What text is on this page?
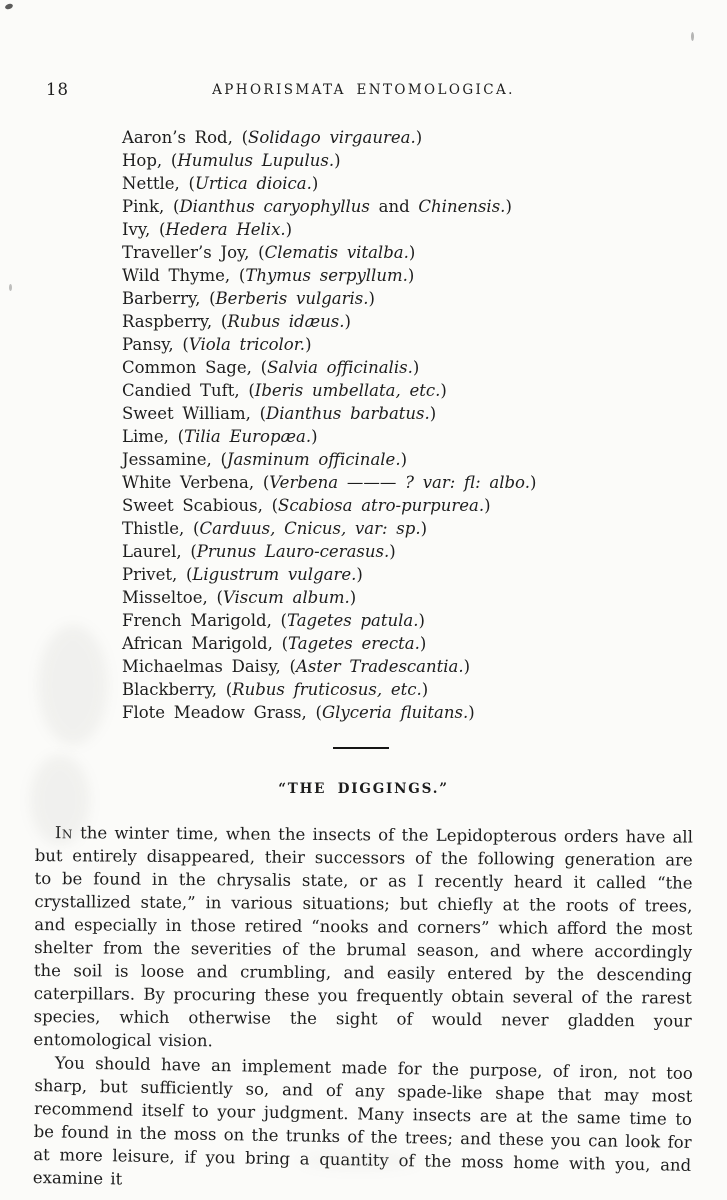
18	APHORISMATA ENTOMOLOGICA.
Aaron’s Rod, (Solidago virgaurea.)
Hop, (Humulus Lupulus.)
Nettle, (Urtica dioica.)
Pink, (Dianthus caryophyllus and Chinensis.)
Ivy, (Hedera Helix.)
Traveller’s Joy, (Clematis vitalba.)
Wild Thyme, (Thymus serpyllum.)
Barberry, (Berberis vulgaris.)
Raspberry, (Rubus idæus.)
Pansy, (Viola tricolor.)
Common Sage, (Salvia officinalis.)
Candied Tuft, (Iberis umbellata, etc.)
Sweet William, (Dianthus barbatus.)
Lime, (Tilia Europæa.)
Jessamine, (Jasminum officinale.)
White Verbena, (Verbena ——— ? var: fl: albo.)
Sweet Scabious, (Scabiosa atro-purpurea.)
Thistle, (Carduus, Cnicus, var: sp.)
Laurel, (Prunus Lauro-cerasus.)
Privet, (Ligustrum vulgare.)
Misseltoe, (Viscum album.)
French Marigold, (Tagetes patula.)
African Marigold, (Tagetes erecta.)
Michaelmas Daisy, (Aster Tradescantia.)
Blackberry, (Rubus fruticosus, etc.)
Flote Meadow Grass, (Glyceria fluitans.)
“THE DIGGINGS.”

In the winter time, when the insects of the Lepidopterous orders have all but entirely disappeared, their successors of the following generation are to be found in the chrysalis state, or as I recently heard it called “the crystallized state,” in various situations; but chiefly at the roots of trees, and especially in those retired “nooks and corners” which afford the most shelter from the severities of the brumal season, and where accordingly the soil is loose and crumbling, and easily entered by the descending caterpillars. By procuring these you frequently obtain several of the rarest species, which otherwise the sight of would never gladden your entomological vision.

You should have an implement made for the purpose, of iron, not too sharp, but sufficiently so, and of any spade-like shape that may most recommend itself to your judgment. Many insects are at the same time to be found in the moss on the trunks of the trees; and these you can look for at more leisure, if you bring a quantity of the moss home with you, and examine it
